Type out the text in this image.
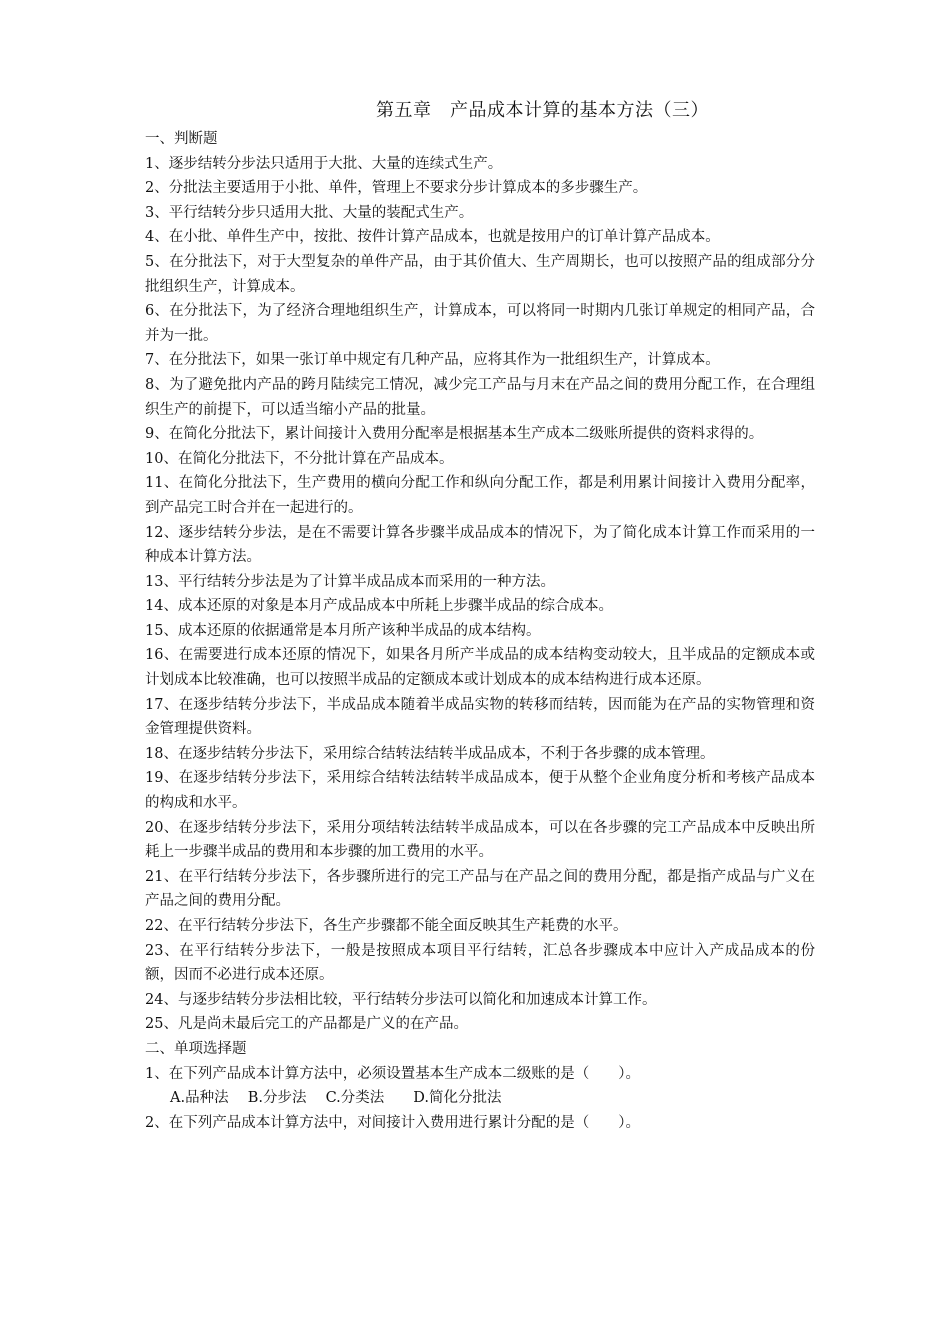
第五章　产品成本计算的基本方法（三）
一、判断题
1、逐步结转分步法只适用于大批、大量的连续式生产。
2、分批法主要适用于小批、单件，管理上不要求分步计算成本的多步骤生产。
3、平行结转分步只适用大批、大量的装配式生产。
4、在小批、单件生产中，按批、按件计算产品成本，也就是按用户的订单计算产品成本。
5、在分批法下，对于大型复杂的单件产品，由于其价值大、生产周期长，也可以按照产品的组成部分分批组织生产，计算成本。
6、在分批法下，为了经济合理地组织生产，计算成本，可以将同一时期内几张订单规定的相同产品，合并为一批。
7、在分批法下，如果一张订单中规定有几种产品，应将其作为一批组织生产，计算成本。
8、为了避免批内产品的跨月陆续完工情况，减少完工产品与月末在产品之间的费用分配工作，在合理组织生产的前提下，可以适当缩小产品的批量。
9、在简化分批法下，累计间接计入费用分配率是根据基本生产成本二级账所提供的资料求得的。
10、在简化分批法下，不分批计算在产品成本。
11、在简化分批法下，生产费用的横向分配工作和纵向分配工作，都是利用累计间接计入费用分配率，到产品完工时合并在一起进行的。
12、逐步结转分步法，是在不需要计算各步骤半成品成本的情况下，为了简化成本计算工作而采用的一种成本计算方法。
13、平行结转分步法是为了计算半成品成本而采用的一种方法。
14、成本还原的对象是本月产成品成本中所耗上步骤半成品的综合成本。
15、成本还原的依据通常是本月所产该种半成品的成本结构。
16、在需要进行成本还原的情况下，如果各月所产半成品的成本结构变动较大，且半成品的定额成本或计划成本比较准确，也可以按照半成品的定额成本或计划成本的成本结构进行成本还原。
17、在逐步结转分步法下，半成品成本随着半成品实物的转移而结转，因而能为在产品的实物管理和资金管理提供资料。
18、在逐步结转分步法下，采用综合结转法结转半成品成本，不利于各步骤的成本管理。
19、在逐步结转分步法下，采用综合结转法结转半成品成本，便于从整个企业角度分析和考核产品成本的构成和水平。
20、在逐步结转分步法下，采用分项结转法结转半成品成本，可以在各步骤的完工产品成本中反映出所耗上一步骤半成品的费用和本步骤的加工费用的水平。
21、在平行结转分步法下，各步骤所进行的完工产品与在产品之间的费用分配，都是指产成品与广义在产品之间的费用分配。
22、在平行结转分步法下，各生产步骤都不能全面反映其生产耗费的水平。
23、在平行结转分步法下，一般是按照成本项目平行结转，汇总各步骤成本中应计入产成品成本的份额，因而不必进行成本还原。
24、与逐步结转分步法相比较，平行结转分步法可以简化和加速成本计算工作。
25、凡是尚未最后完工的产品都是广义的在产品。
二、单项选择题
1、在下列产品成本计算方法中，必须设置基本生产成本二级账的是（　　）。
A.品种法　 B.分步法　 C.分类法　　D.简化分批法
2、在下列产品成本计算方法中，对间接计入费用进行累计分配的是（　　）。
